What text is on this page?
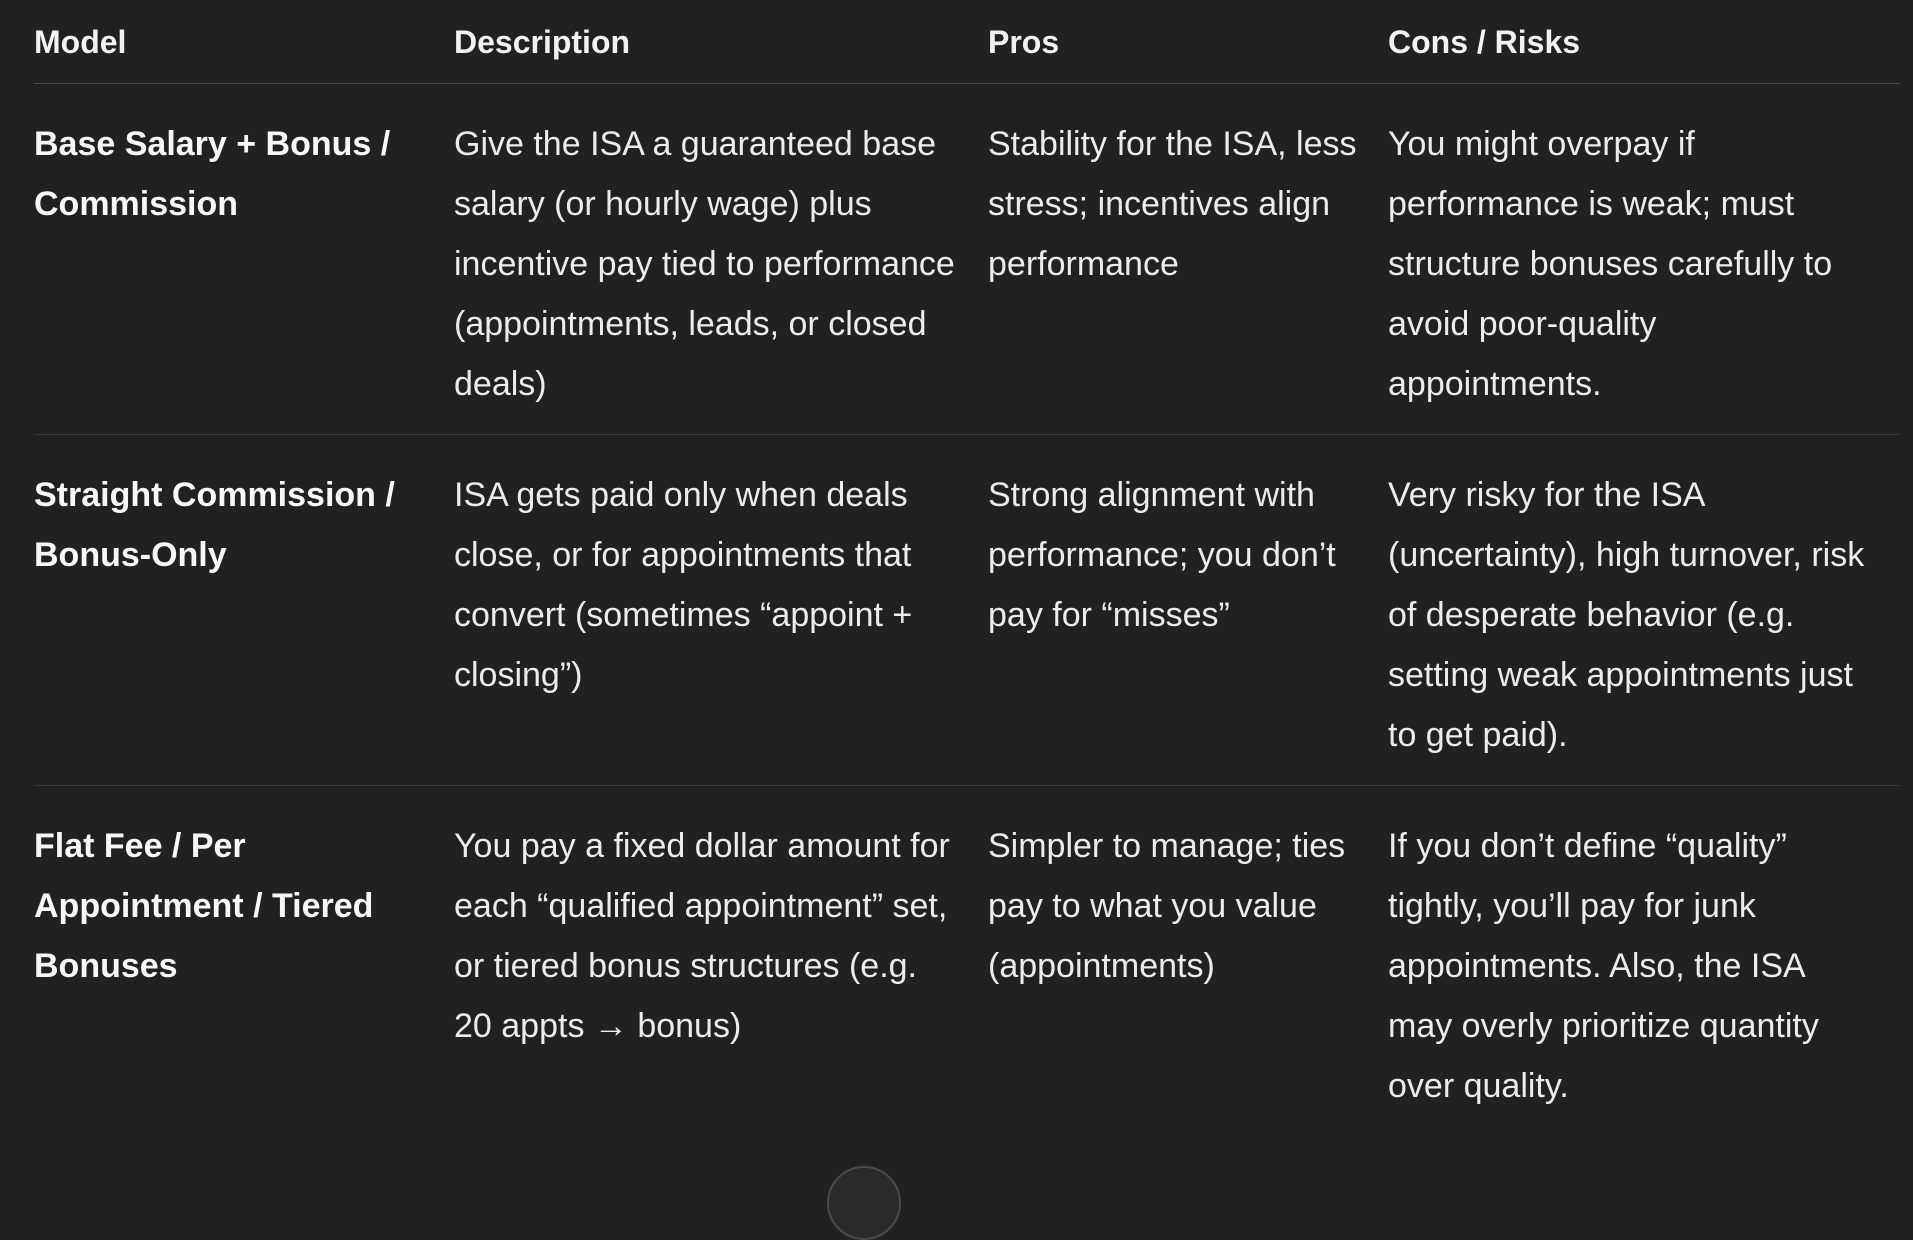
Model	Description	Pros	Cons / Risks
Base Salary + Bonus / Commission	Give the ISA a guaranteed base salary (or hourly wage) plus incentive pay tied to performance (appointments, leads, or closed deals)	Stability for the ISA, less stress; incentives align performance	You might overpay if performance is weak; must structure bonuses carefully to avoid poor-quality appointments.
Straight Commission / Bonus-Only	ISA gets paid only when deals close, or for appointments that convert (sometimes “appoint + closing”)	Strong alignment with performance; you don’t pay for “misses”	Very risky for the ISA (uncertainty), high turnover, risk of desperate behavior (e.g. setting weak appointments just to get paid).
Flat Fee / Per Appointment / Tiered Bonuses	You pay a fixed dollar amount for each “qualified appointment” set, or tiered bonus structures (e.g. 20 appts → bonus)	Simpler to manage; ties pay to what you value (appointments)	If you don’t define “quality” tightly, you’ll pay for junk appointments. Also, the ISA may overly prioritize quantity over quality.
